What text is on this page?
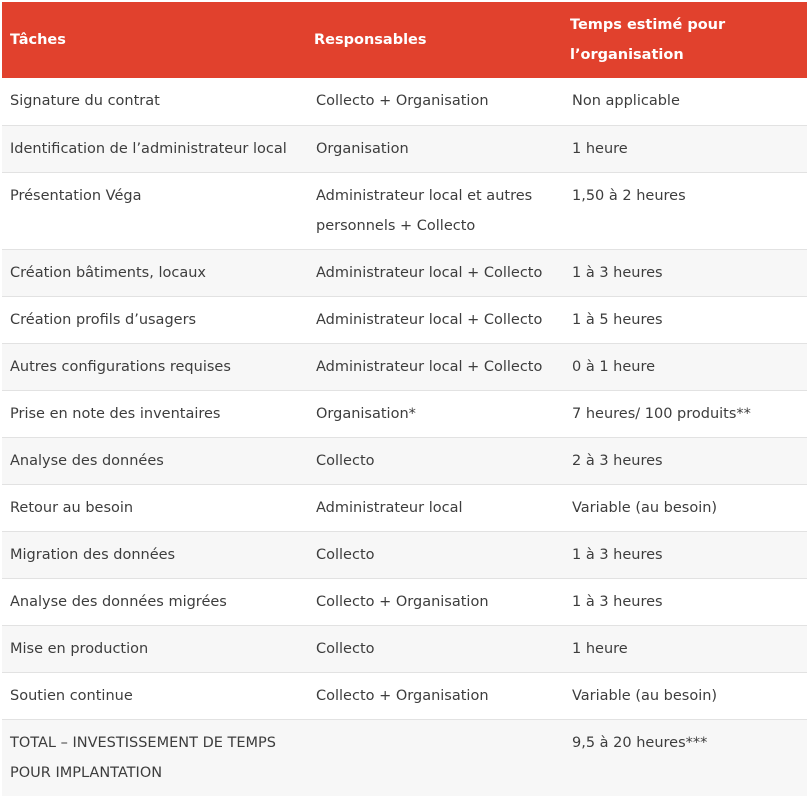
Tâches	Responsables	Temps estimé pour l’organisation
Signature du contrat	Collecto + Organisation	Non applicable
Identification de l’administrateur local	Organisation	1 heure
Présentation Véga	Administrateur local et autres personnels + Collecto	1,50 à 2 heures
Création bâtiments, locaux	Administrateur local + Collecto	1 à 3 heures
Création profils d’usagers	Administrateur local + Collecto	1 à 5 heures
Autres configurations requises	Administrateur local + Collecto	0 à 1 heure
Prise en note des inventaires	Organisation*	7 heures/ 100 produits**
Analyse des données	Collecto	2 à 3 heures
Retour au besoin	Administrateur local	Variable (au besoin)
Migration des données	Collecto	1 à 3 heures
Analyse des données migrées	Collecto + Organisation	1 à 3 heures
Mise en production	Collecto	1 heure
Soutien continue	Collecto + Organisation	Variable (au besoin)
TOTAL – INVESTISSEMENT DE TEMPS POUR IMPLANTATION		9,5 à 20 heures***
